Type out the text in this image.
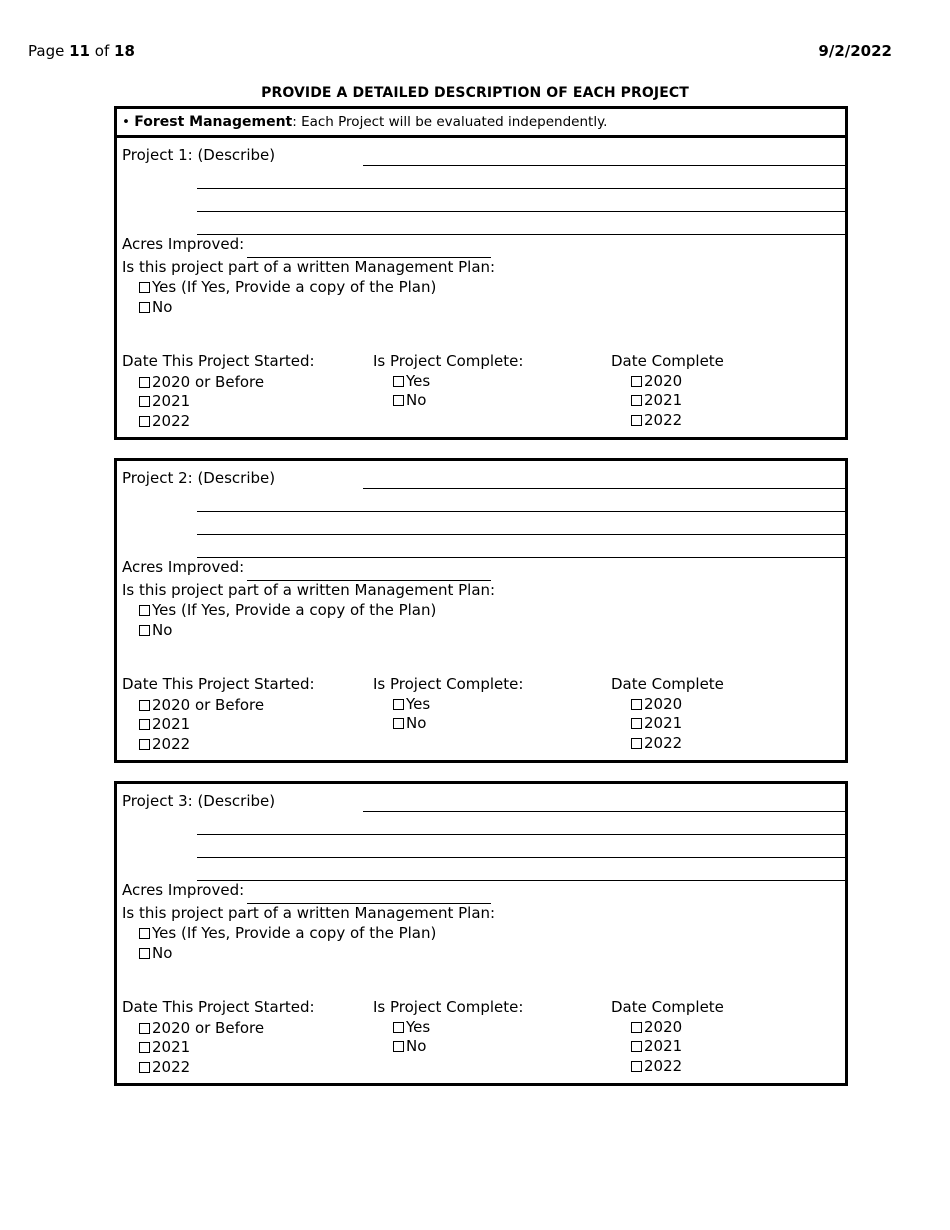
Page 11 of 18	9/2/2022
PROVIDE A DETAILED DESCRIPTION OF EACH PROJECT
• Forest Management: Each Project will be evaluated independently.
Project 1: (Describe)
Acres Improved:
Is this project part of a written Management Plan:
Yes (If Yes, Provide a copy of the Plan)
No
Date This Project Started:
2020 or Before
2021
2022
Is Project Complete:
Yes
No
Date Complete
2020
2021
2022
Project 2: (Describe)
Acres Improved:
Is this project part of a written Management Plan:
Yes (If Yes, Provide a copy of the Plan)
No
Date This Project Started:
2020 or Before
2021
2022
Is Project Complete:
Yes
No
Date Complete
2020
2021
2022
Project 3: (Describe)
Acres Improved:
Is this project part of a written Management Plan:
Yes (If Yes, Provide a copy of the Plan)
No
Date This Project Started:
2020 or Before
2021
2022
Is Project Complete:
Yes
No
Date Complete
2020
2021
2022
